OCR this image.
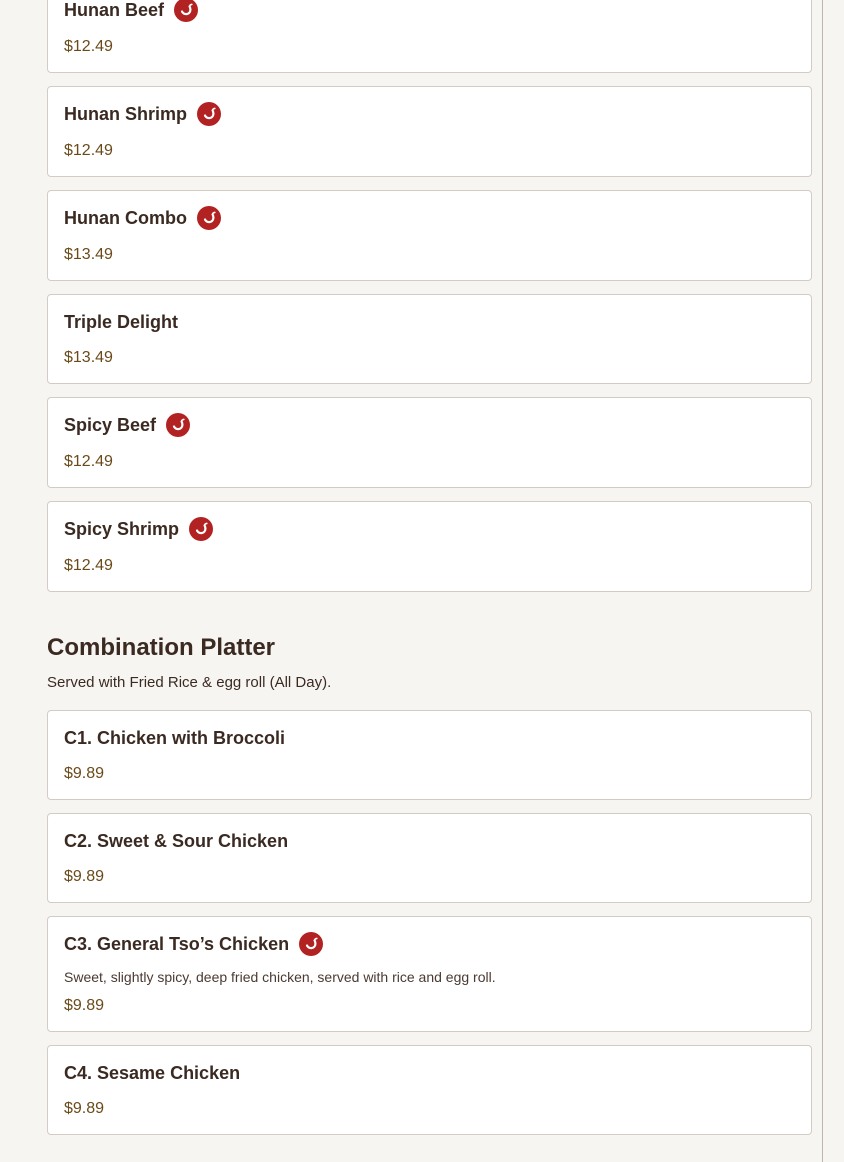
Hunan Beef
$12.49
Hunan Shrimp
$12.49
Hunan Combo
$13.49
Triple Delight
$13.49
Spicy Beef
$12.49
Spicy Shrimp
$12.49
Combination Platter
Served with Fried Rice & egg roll (All Day).
C1. Chicken with Broccoli
$9.89
C2. Sweet & Sour Chicken
$9.89
C3. General Tso’s Chicken
Sweet, slightly spicy, deep fried chicken, served with rice and egg roll.
$9.89
C4. Sesame Chicken
$9.89
